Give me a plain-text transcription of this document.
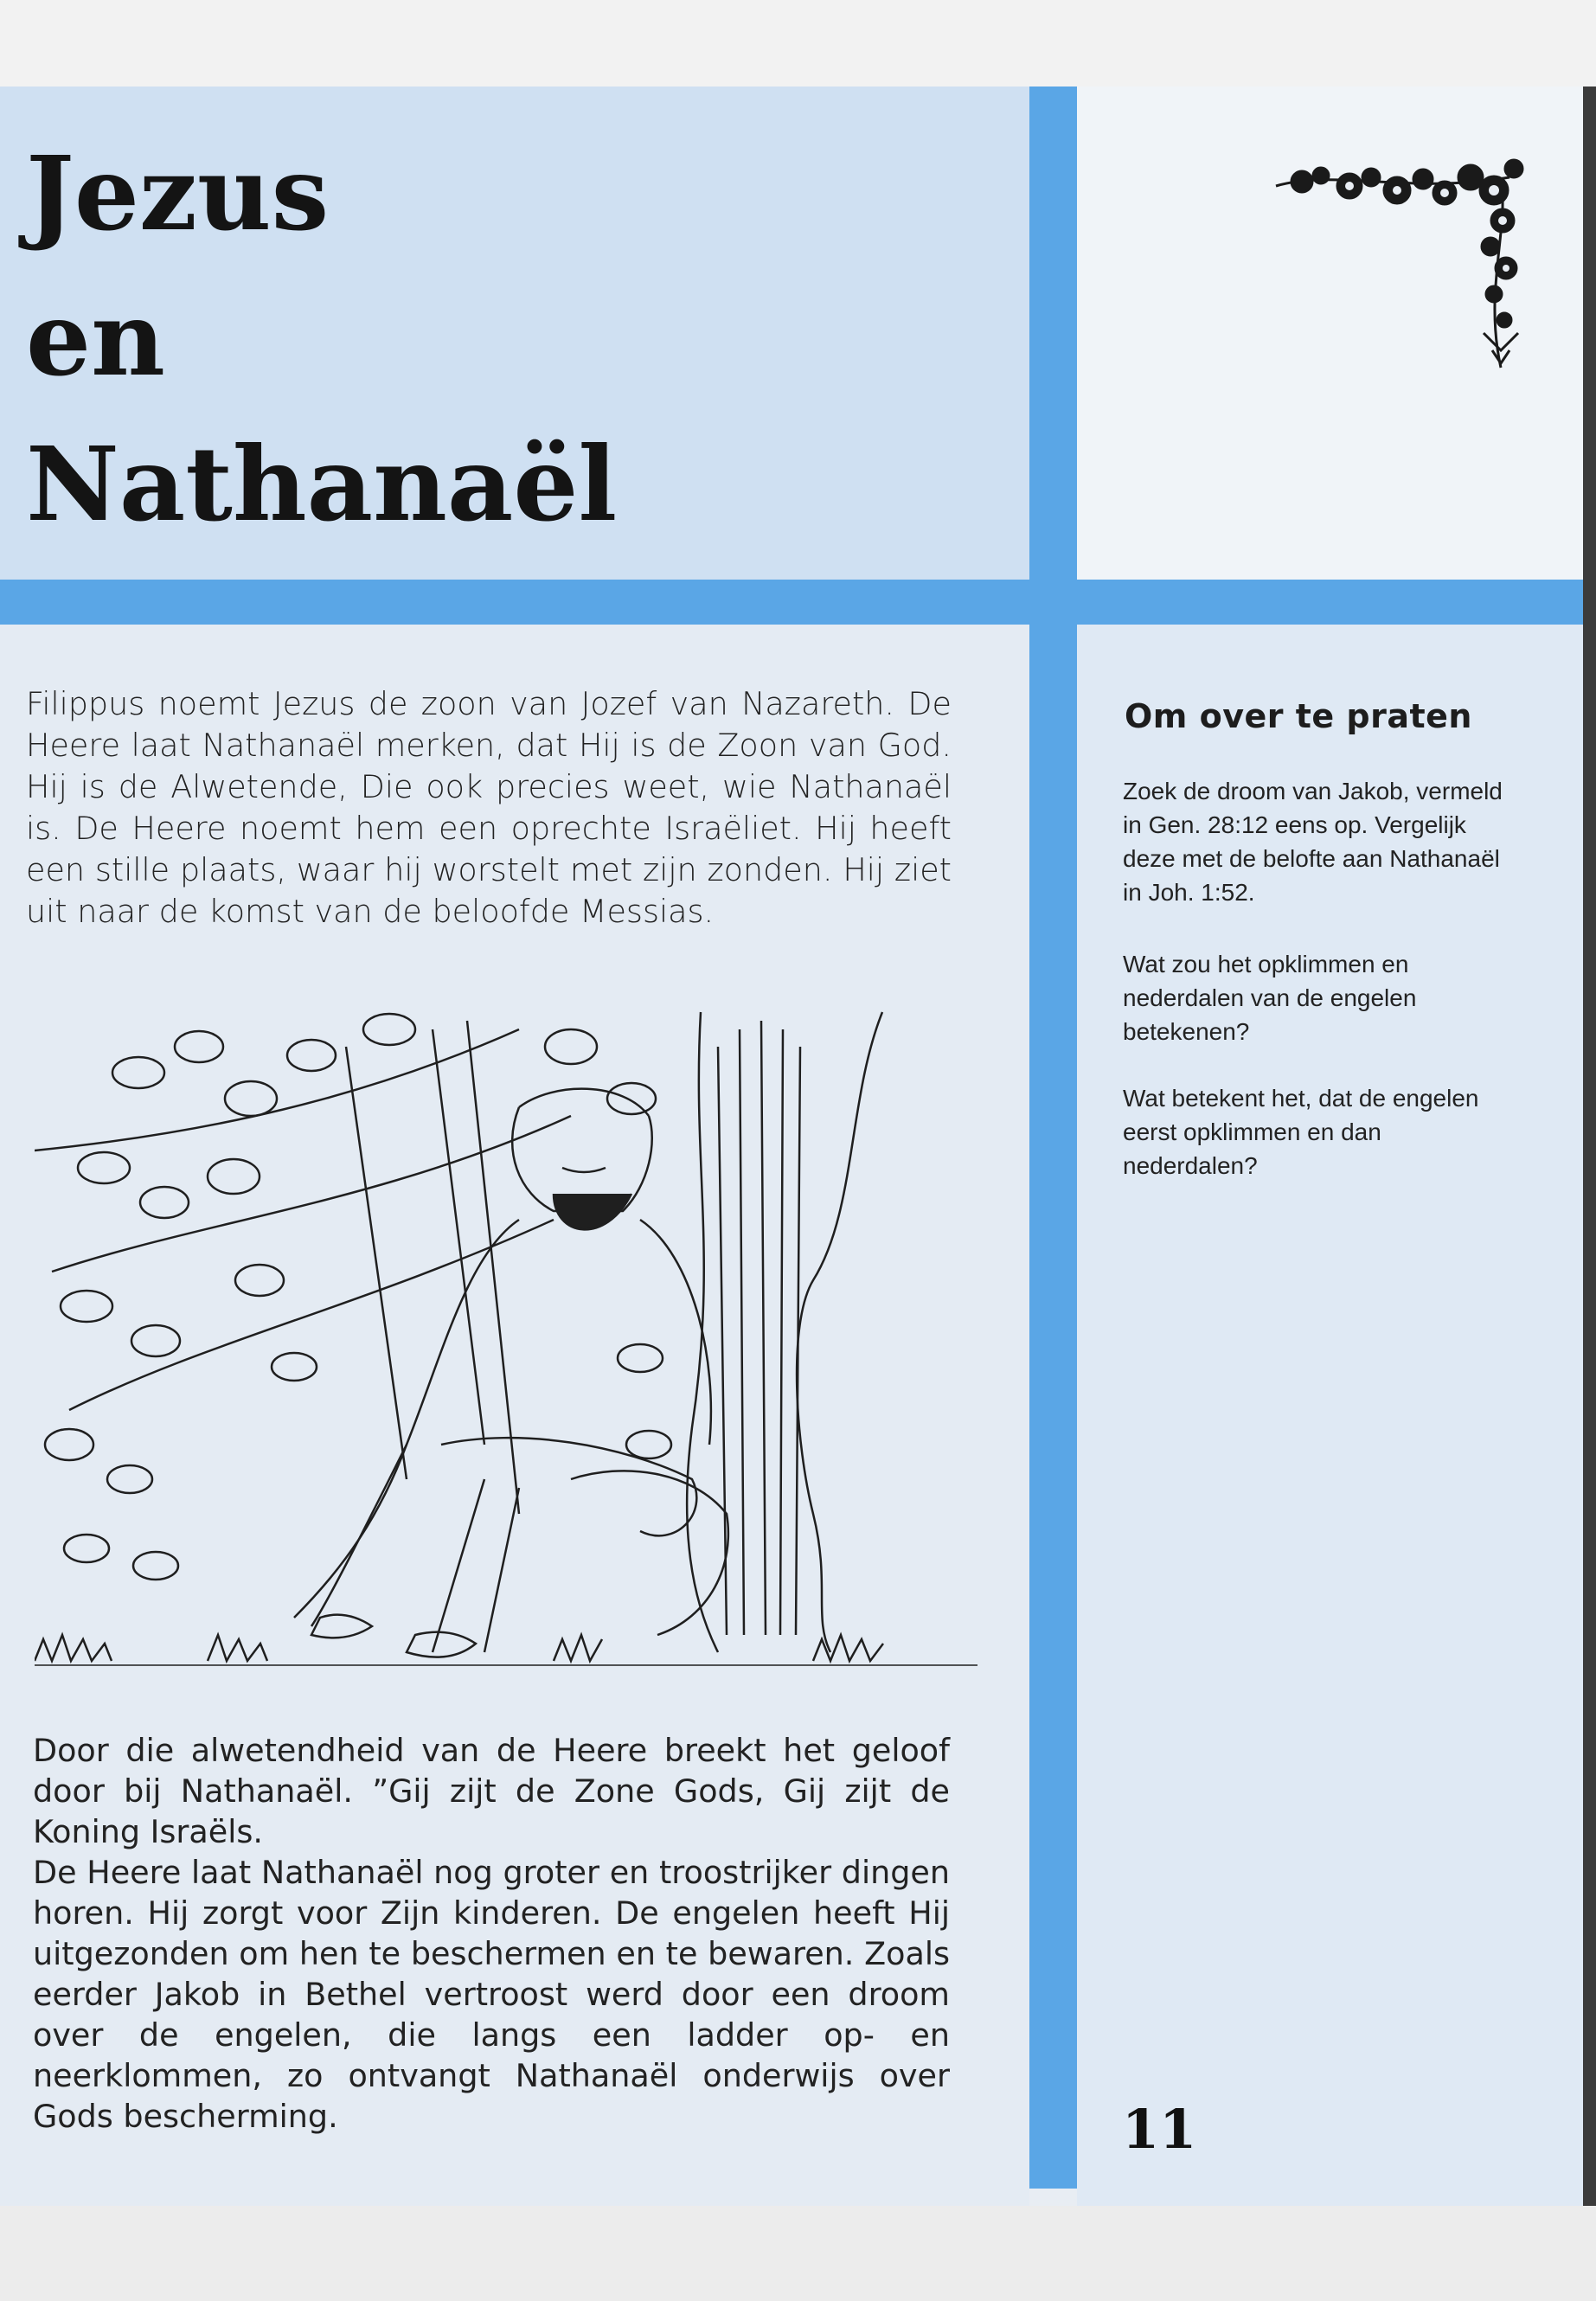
Jezus
en
Nathanaël

Filippus noemt Jezus de zoon van Jozef van Nazareth. De Heere laat Nathanaël merken, dat Hij is de Zoon van God. Hij is de Alwetende, Die ook precies weet, wie Nathanaël is. De Heere noemt hem een oprechte Israëliet. Hij heeft een stille plaats, waar hij worstelt met zijn zonden. Hij ziet uit naar de komst van de beloofde Messias.

Door die alwetendheid van de Heere breekt het geloof door bij Nathanaël. ”Gij zijt de Zone Gods, Gij zijt de Koning Israëls.

De Heere laat Nathanaël nog groter en troostrijker dingen horen. Hij zorgt voor Zijn kinderen. De engelen heeft Hij uitgezonden om hen te beschermen en te bewaren. Zoals eerder Jakob in Bethel vertroost werd door een droom over de engelen, die langs een ladder op- en neerklommen, zo ontvangt Nathanaël onderwijs over Gods bescherming.

Om over te praten

Zoek de droom van Jakob, vermeld in Gen. 28:12 eens op. Vergelijk deze met de belofte aan Nathanaël in Joh. 1:52.

Wat zou het opklimmen en nederdalen van de engelen betekenen?

Wat betekent het, dat de engelen eerst opklimmen en dan nederdalen?

11
